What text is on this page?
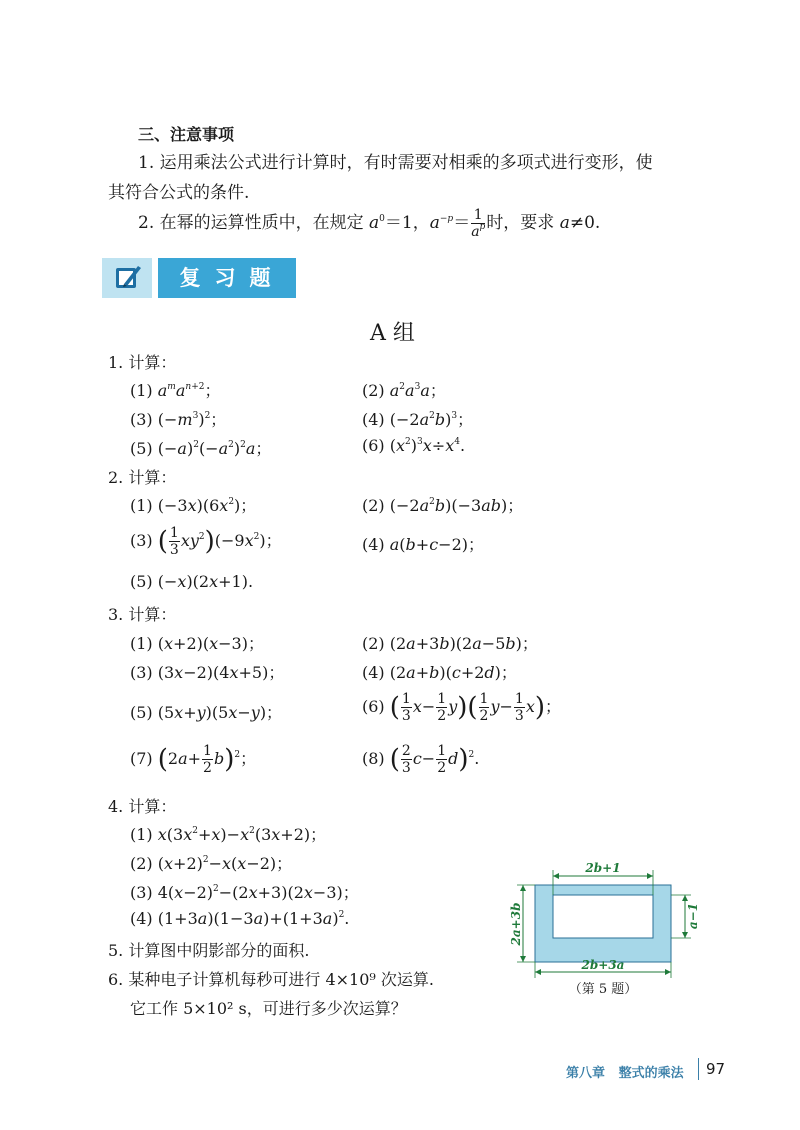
三、注意事项
1. 运用乘法公式进行计算时，有时需要对相乘的多项式进行变形，使
其符合公式的条件.
2. 在幂的运算性质中，在规定 $a^0=1$，$a^{-p}= \frac{1}{a^p}$ 时，要求 a≠0.
复习题
A 组
1. 计算：
(1) $a^ma^{n+2}$；	(2) $a^2a^3a$；
(3) $(-m^3)^2$；	(4) $(-2a^2b)^3$；
(5) $(-a)^2(-a^2)^2a$；	(6) $(x^2)^3x\div x^4$.
2. 计算：
(1) $(-3x)(6x^2)$；	(2) $(-2a^2b)(-3ab)$；
(3) ( $\frac{1}{3} xy^2)(-9x^2)$；	(4) a(b+c−2)；
(5) (−x)(2x+1).
3. 计算：
(1) (x+2)(x−3)；	(2) (2a+3b)(2a−5b)；
(3) (3x−2)(4x+5)；	(4) (2a+b)(c+2d)；
(5) (5x+y)(5x−y)；	(6) ( $\frac{1}{3} x- \frac{1}{2} y)( \frac{1}{2} y- \frac{1}{3} x)$；
(7) $(2a+ \frac{1}{2} b)^2$；	(8) ( $\frac{2}{3} c- \frac{1}{2} d)^2$.
4. 计算：
(1) $x(3x^2+x)-x^2(3x+2)$；
(2) $(x+2)^2-x(x-2)$；
(3) $4(x-2)^2-(2x+3)(2x-3)$；
(4) $(1+3a)(1-3a)+(1+3a)^2$.
5. 计算图中阴影部分的面积.
6. 某种电子计算机每秒可进行 4×10⁹ 次运算.
它工作 5×10² s，可进行多少次运算？
2b+1
2b+3a
2a+3b	a−1
（第 5 题）
第八章 整式的乘法 97
